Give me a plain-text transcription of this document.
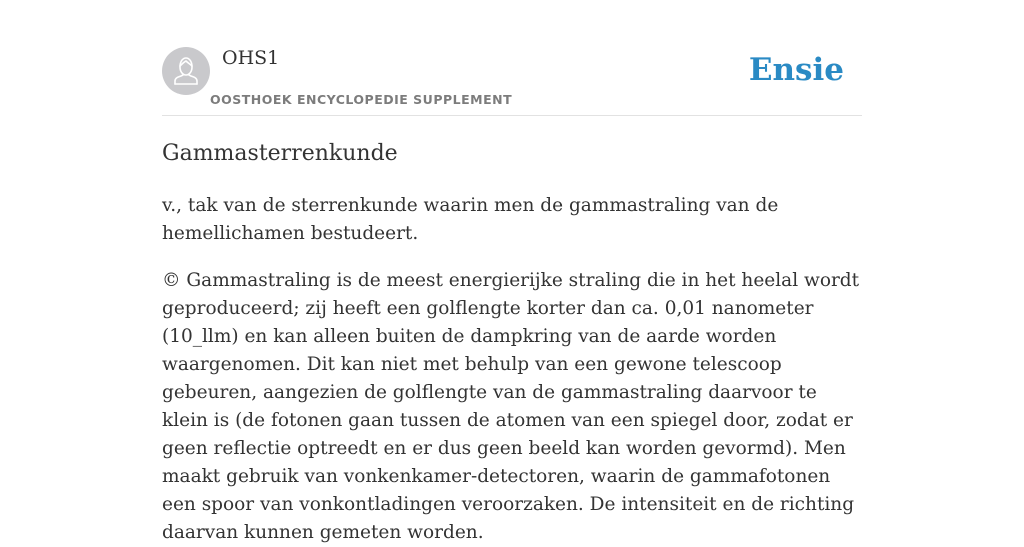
OHS1
OOSTHOEK ENCYCLOPEDIE SUPPLEMENT
Ensie
Gammasterrenkunde

v., tak van de sterrenkunde waarin men de gammastraling van de hemellichamen bestudeert.

© Gammastraling is de meest energierijke straling die in het heelal wordt geproduceerd; zij heeft een golflengte korter dan ca. 0,01 nanometer (10_llm) en kan alleen buiten de dampkring van de aarde worden waargenomen. Dit kan niet met behulp van een gewone telescoop gebeuren, aangezien de golflengte van de gammastraling daarvoor te klein is (de fotonen gaan tussen de atomen van een spiegel door, zodat er geen reflectie optreedt en er dus geen beeld kan worden gevormd). Men maakt gebruik van vonkenkamer-detectoren, waarin de gammafotonen een spoor van vonkontladingen veroorzaken. De intensiteit en de richting daarvan kunnen gemeten worden.
